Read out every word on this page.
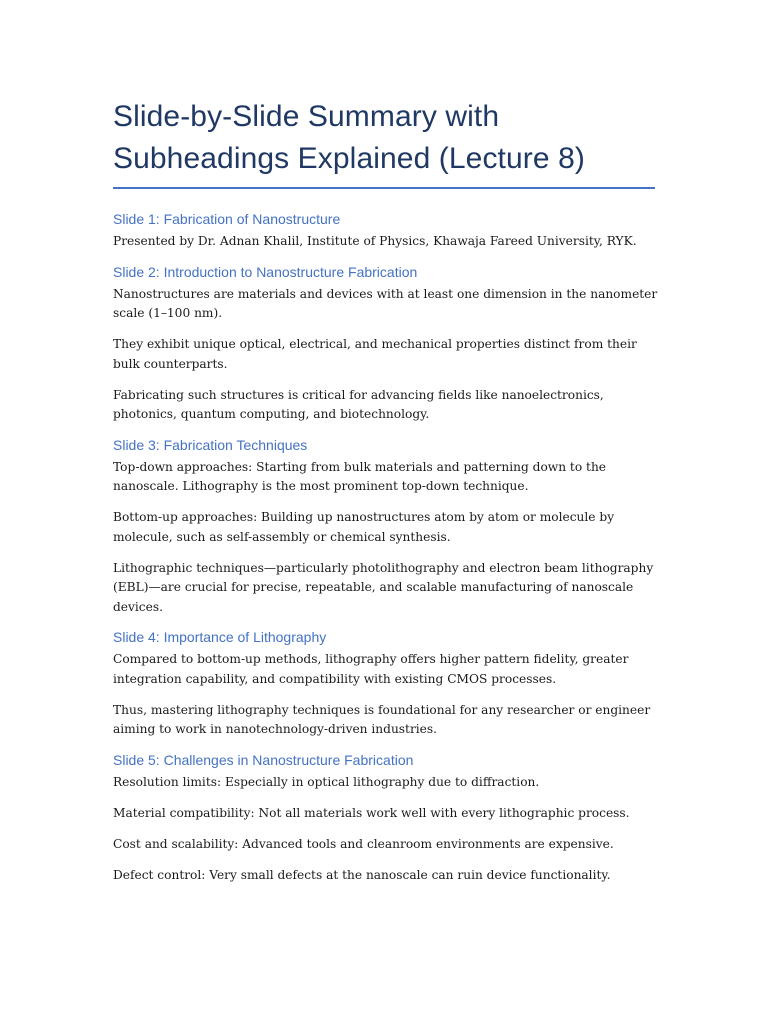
Slide-by-Slide Summary with
Subheadings Explained (Lecture 8)
Slide 1: Fabrication of Nanostructure

Presented by Dr. Adnan Khalil, Institute of Physics, Khawaja Fareed University, RYK.

Slide 2: Introduction to Nanostructure Fabrication

Nanostructures are materials and devices with at least one dimension in the nanometer scale (1–100 nm).

They exhibit unique optical, electrical, and mechanical properties distinct from their bulk counterparts.

Fabricating such structures is critical for advancing fields like nanoelectronics, photonics, quantum computing, and biotechnology.

Slide 3: Fabrication Techniques

Top-down approaches: Starting from bulk materials and patterning down to the nanoscale. Lithography is the most prominent top-down technique.

Bottom-up approaches: Building up nanostructures atom by atom or molecule by molecule, such as self-assembly or chemical synthesis.

Lithographic techniques—particularly photolithography and electron beam lithography (EBL)—are crucial for precise, repeatable, and scalable manufacturing of nanoscale devices.

Slide 4: Importance of Lithography

Compared to bottom-up methods, lithography offers higher pattern fidelity, greater integration capability, and compatibility with existing CMOS processes.

Thus, mastering lithography techniques is foundational for any researcher or engineer aiming to work in nanotechnology-driven industries.

Slide 5: Challenges in Nanostructure Fabrication

Resolution limits: Especially in optical lithography due to diffraction.

Material compatibility: Not all materials work well with every lithographic process.

Cost and scalability: Advanced tools and cleanroom environments are expensive.

Defect control: Very small defects at the nanoscale can ruin device functionality.
